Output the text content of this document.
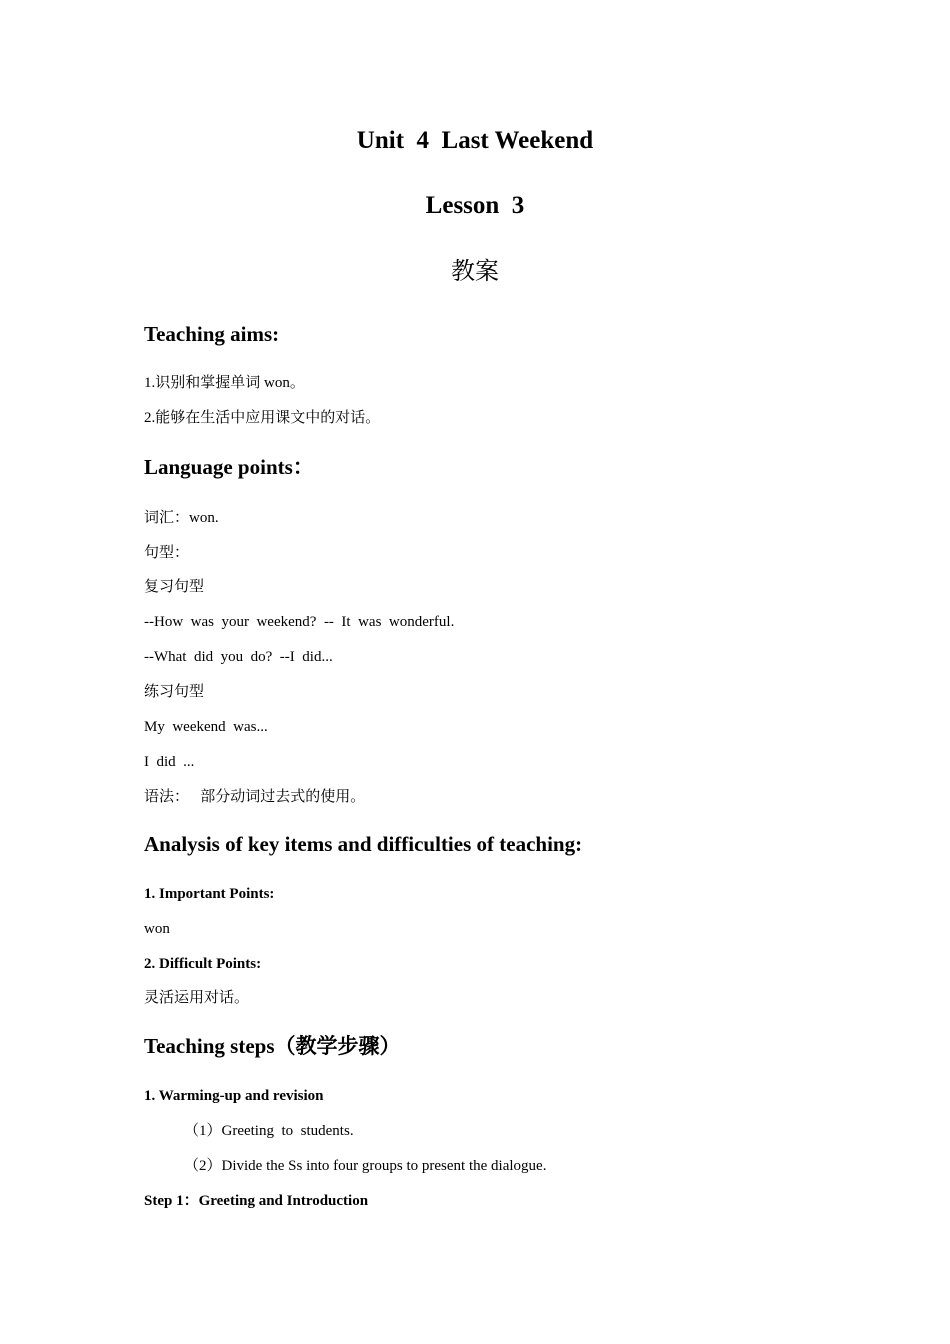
Unit  4  Last Weekend
Lesson  3
教案
Teaching aims:
1.识别和掌握单词 won。
2.能够在生活中应用课文中的对话。
Language points：
词汇：won.
句型：
复习句型
--How  was  your  weekend?  --  It  was  wonderful.
--What  did  you  do?  --I  did...
练习句型
My  weekend  was...
I  did  ...
语法：   部分动词过去式的使用。
Analysis of key items and difficulties of teaching:
1. Important Points:
won
2. Difficult Points:
灵活运用对话。
Teaching steps（教学步骤）
1. Warming-up and revision
（1）Greeting  to  students.
（2）Divide the Ss into four groups to present the dialogue.
Step 1：Greeting and Introduction
